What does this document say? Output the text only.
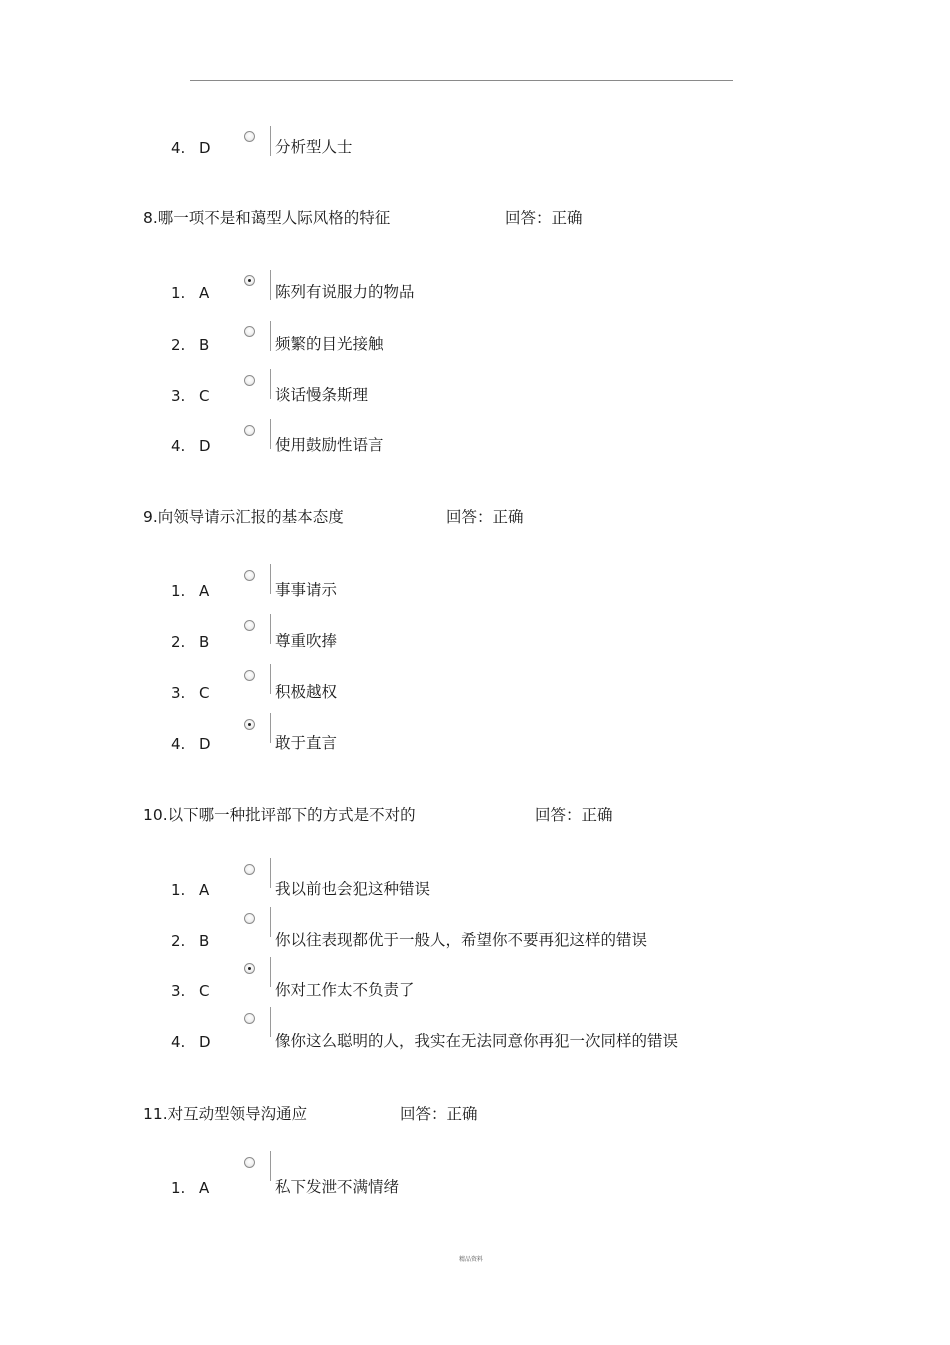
4. D	分析型人士
8.哪一项不是和蔼型人际风格的特征	回答：正确
1. A	陈列有说服力的物品
2. B	频繁的目光接触
3. C	谈话慢条斯理
4. D	使用鼓励性语言
9.向领导请示汇报的基本态度	回答：正确
1. A	事事请示
2. B	尊重吹捧
3. C	积极越权
4. D	敢于直言
10.以下哪一种批评部下的方式是不对的	回答：正确
1. A	我以前也会犯这种错误
2. B	你以往表现都优于一般人，希望你不要再犯这样的错误
3. C	你对工作太不负责了
4. D	像你这么聪明的人，我实在无法同意你再犯一次同样的错误
11.对互动型领导沟通应	回答：正确
1. A	私下发泄不满情绪
精品资料
